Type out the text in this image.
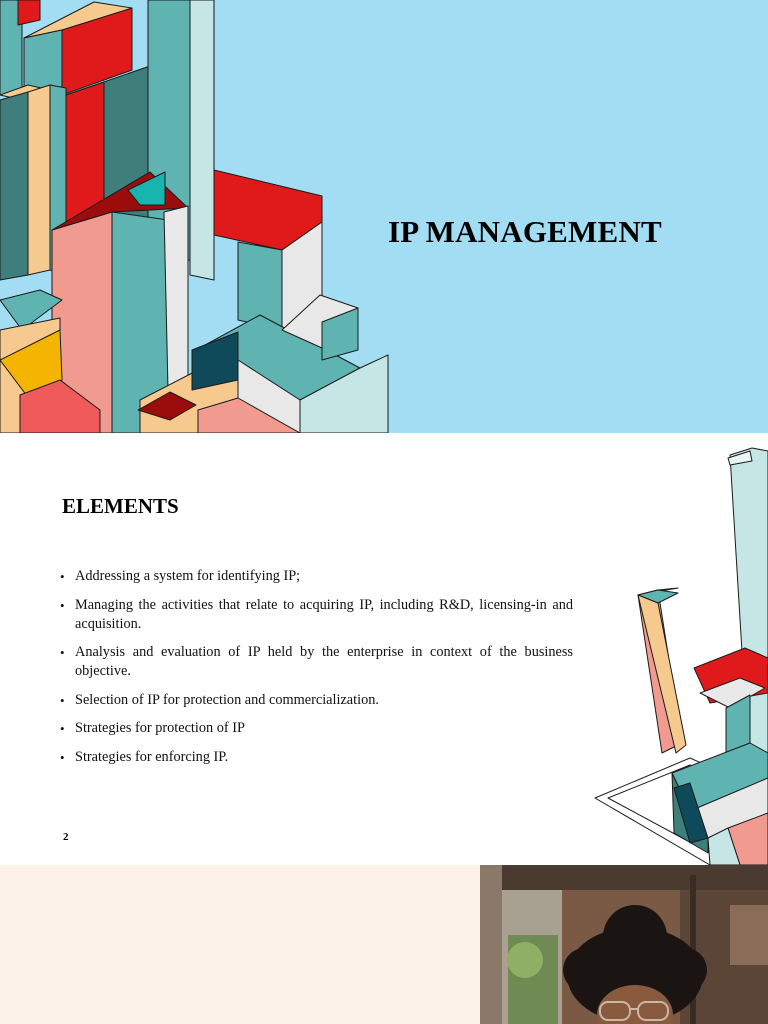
IP MANAGEMENT
ELEMENTS
• Addressing a system for identifying IP;
• Managing the activities that relate to acquiring IP, including R&D, licensing-in and acquisition.
• Analysis and evaluation of IP held by the enterprise in context of the business objective.
• Selection of IP for protection and commercialization.
• Strategies for protection of IP
• Strategies for enforcing IP.
2
